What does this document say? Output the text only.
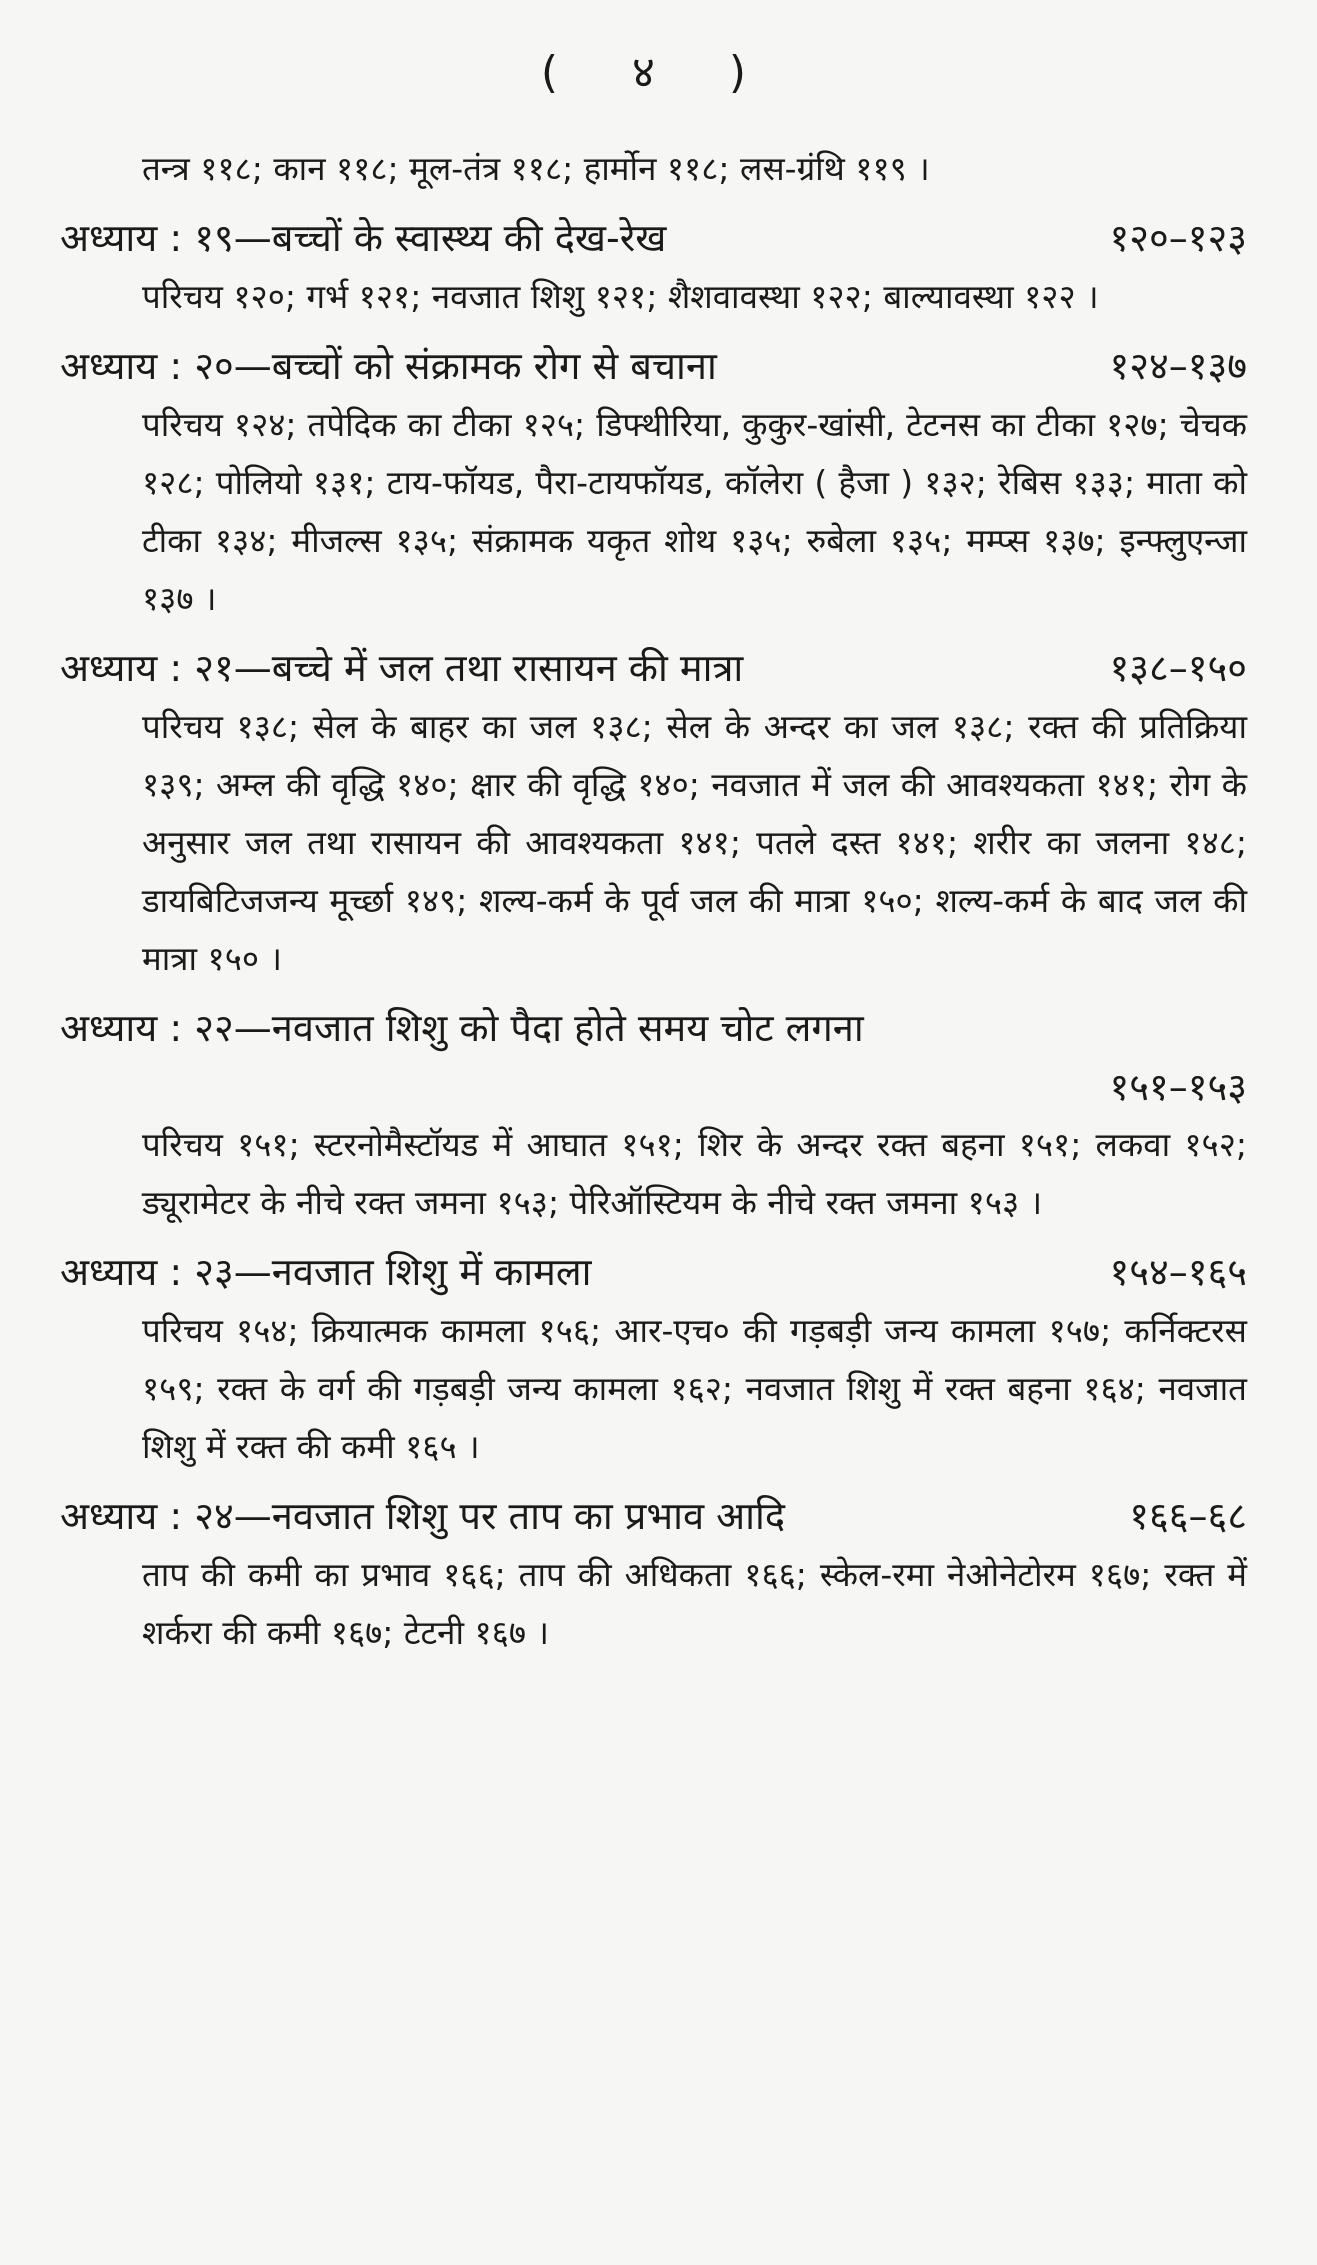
( ४ )
तन्त्र ११८; कान ११८; मूल-तंत्र ११८; हार्मोन ११८; लस-ग्रंथि ११९ ।
अध्याय : १९—बच्चों के स्वास्थ्य की देख-रेख	१२०–१२३
परिचय १२०; गर्भ १२१; नवजात शिशु १२१; शैशवावस्था १२२; बाल्यावस्था १२२ ।
अध्याय : २०—बच्चों को संक्रामक रोग से बचाना	१२४–१३७
परिचय १२४; तपेदिक का टीका १२५; डिफ्थीरिया, कुकुर-खांसी, टेटनस का टीका १२७; चेचक १२८; पोलियो १३१; टाय-फॉयड, पैरा-टायफॉयड, कॉलेरा ( हैजा ) १३२; रेबिस १३३; माता को टीका १३४; मीजल्स १३५; संक्रामक यकृत शोथ १३५; रुबेला १३५; मम्प्स १३७; इन्फ्लुएन्जा १३७ ।
अध्याय : २१—बच्चे में जल तथा रासायन की मात्रा	१३८–१५०
परिचय १३८; सेल के बाहर का जल १३८; सेल के अन्दर का जल १३८; रक्त की प्रतिक्रिया १३९; अम्ल की वृद्धि १४०; क्षार की वृद्धि १४०; नवजात में जल की आवश्यकता १४१; रोग के अनुसार जल तथा रासायन की आवश्यकता १४१; पतले दस्त १४१; शरीर का जलना १४८; डायबिटिजजन्य मूर्च्छा १४९; शल्य-कर्म के पूर्व जल की मात्रा १५०; शल्य-कर्म के बाद जल की मात्रा १५० ।
अध्याय : २२—नवजात शिशु को पैदा होते समय चोट लगना
१५१–१५३
परिचय १५१; स्टरनोमैस्टॉयड में आघात १५१; शिर के अन्दर रक्त बहना १५१; लकवा १५२; ड्यूरामेटर के नीचे रक्त जमना १५३; पेरिऑस्टियम के नीचे रक्त जमना १५३ ।
अध्याय : २३—नवजात शिशु में कामला	१५४–१६५
परिचय १५४; क्रियात्मक कामला १५६; आर-एच० की गड़बड़ी जन्य कामला १५७; कर्निक्टरस १५९; रक्त के वर्ग की गड़बड़ी जन्य कामला १६२; नवजात शिशु में रक्त बहना १६४; नवजात शिशु में रक्त की कमी १६५ ।
अध्याय : २४—नवजात शिशु पर ताप का प्रभाव आदि	१६६–६८
ताप की कमी का प्रभाव १६६; ताप की अधिकता १६६; स्केल-रमा नेओनेटोरम १६७; रक्त में शर्करा की कमी १६७; टेटनी १६७ ।
